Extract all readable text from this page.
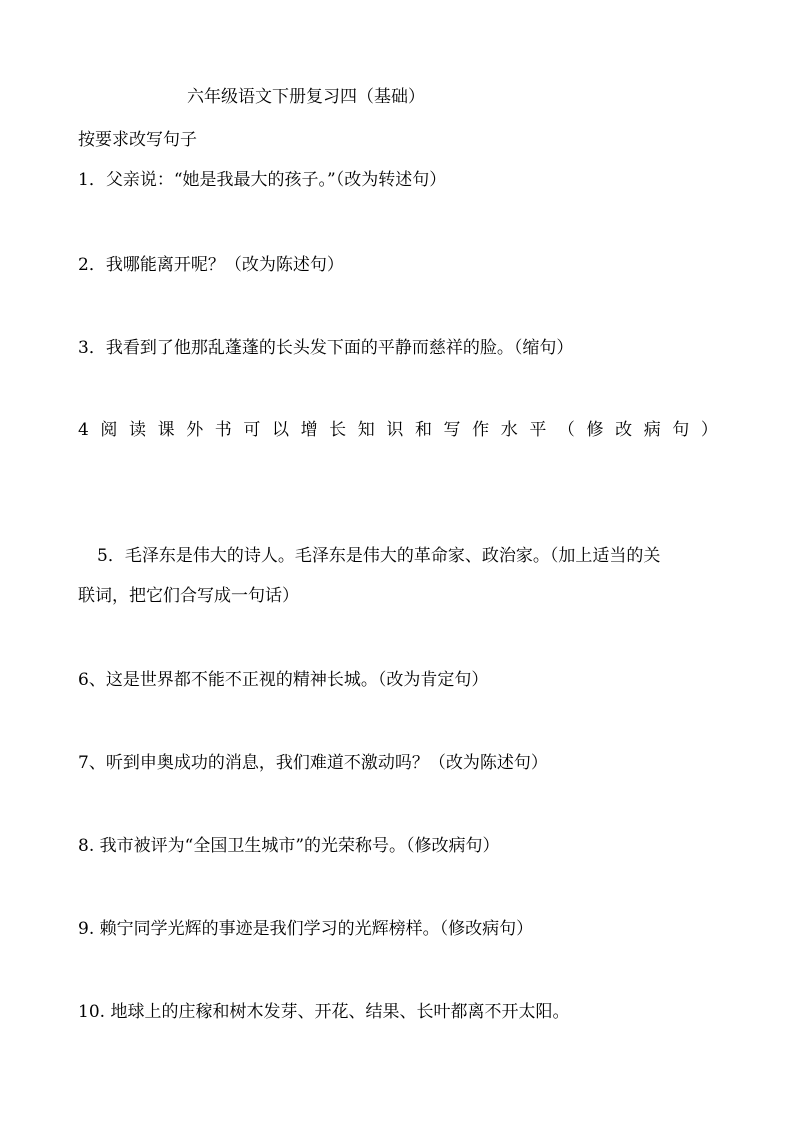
六年级语文下册复习四（基础）
按要求改写句子
1．父亲说：“她是我最大的孩子。”（改为转述句）
2．我哪能离开呢？（改为陈述句）
3．我看到了他那乱蓬蓬的长头发下面的平静而慈祥的脸。（缩句）
4 阅 读 课 外 书 可 以 增 长 知 识 和 写 作 水 平 （ 修 改 病 句 ）
5．毛泽东是伟大的诗人。毛泽东是伟大的革命家、政治家。（加上适当的关
联词，把它们合写成一句话）
6、这是世界都不能不正视的精神长城。（改为肯定句）
7、听到申奥成功的消息，我们难道不激动吗？（改为陈述句）
8. 我市被评为“全国卫生城市”的光荣称号。（修改病句）
9. 赖宁同学光辉的事迹是我们学习的光辉榜样。（修改病句）
10. 地球上的庄稼和树木发芽、开花、结果、长叶都离不开太阳。
